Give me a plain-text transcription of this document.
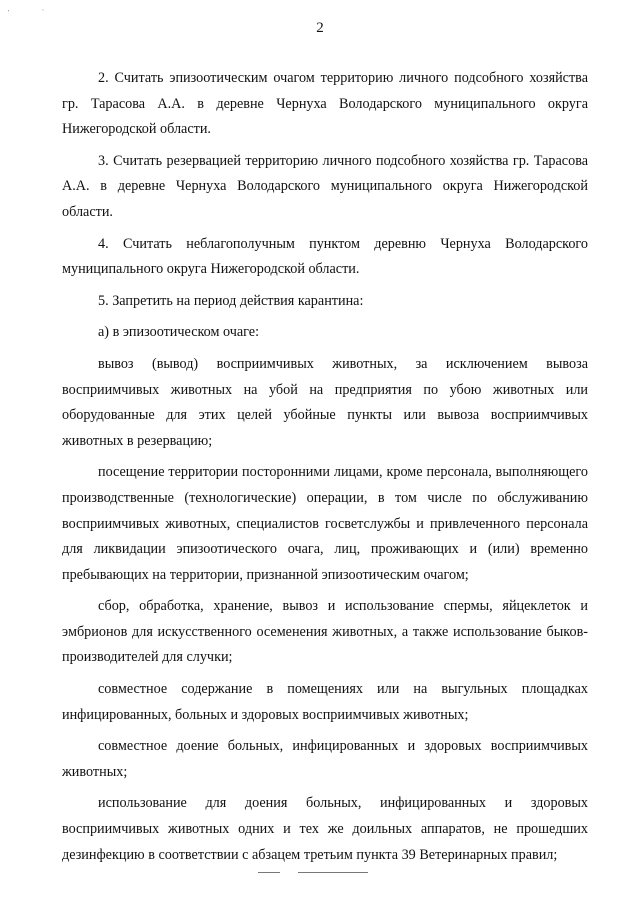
'	`
2

2. Считать эпизоотическим очагом территорию личного подсобного хозяйства гр. Тарасова А.А. в деревне Чернуха Володарского муниципального округа Нижегородской области.

3. Считать резервацией территорию личного подсобного хозяйства гр. Тарасова А.А. в деревне Чернуха Володарского муниципального округа Нижегородской области.

4. Считать неблагополучным пунктом деревню Чернуха Володарского муниципального округа Нижегородской области.

5. Запретить на период действия карантина:

а) в эпизоотическом очаге:

вывоз (вывод) восприимчивых животных, за исключением вывоза восприимчивых животных на убой на предприятия по убою животных или оборудованные для этих целей убойные пункты или вывоза восприимчивых животных в резервацию;

посещение территории посторонними лицами, кроме персонала, выполняющего производственные (технологические) операции, в том числе по обслуживанию восприимчивых животных, специалистов госветслужбы и привлеченного персонала для ликвидации эпизоотического очага, лиц, проживающих и (или) временно пребывающих на территории, признанной эпизоотическим очагом;

сбор, обработка, хранение, вывоз и использование спермы, яйцеклеток и эмбрионов для искусственного осеменения животных, а также использование быков-производителей для случки;

совместное содержание в помещениях или на выгульных площадках инфицированных, больных и здоровых восприимчивых животных;

совместное доение больных, инфицированных и здоровых восприимчивых животных;

использование для доения больных, инфицированных и здоровых восприимчивых животных одних и тех же доильных аппаратов, не прошедших дезинфекцию в соответствии с абзацем третьим пункта 39 Ветеринарных правил;
